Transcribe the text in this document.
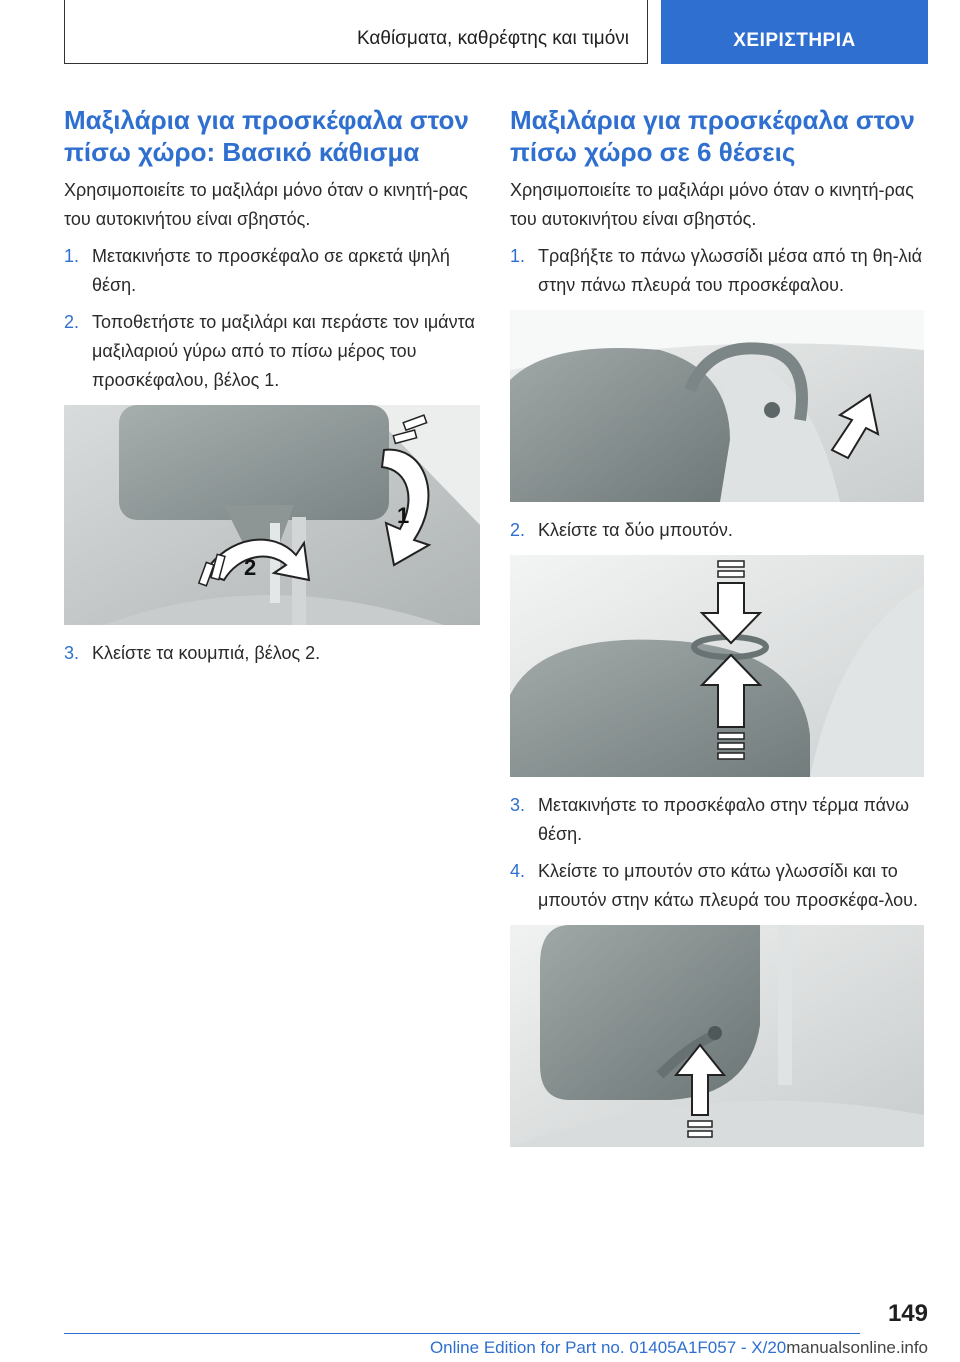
Καθίσματα, καθρέφτης και τιμόνι	ΧΕΙΡΙΣΤΗΡΙΑ
Μαξιλάρια για προσκέφαλα στον πίσω χώρο: Βασικό κάθισμα

Χρησιμοποιείτε το μαξιλάρι μόνο όταν ο κινητή-ρας του αυτοκινήτου είναι σβηστός.

1. Μετακινήστε το προσκέφαλο σε αρκετά ψηλή θέση.
2. Τοποθετήστε το μαξιλάρι και περάστε τον ιμάντα μαξιλαριού γύρω από το πίσω μέρος του προσκέφαλου, βέλος 1.
1
2
3. Κλείστε τα κουμπιά, βέλος 2.
Μαξιλάρια για προσκέφαλα στον πίσω χώρο σε 6 θέσεις

Χρησιμοποιείτε το μαξιλάρι μόνο όταν ο κινητή-ρας του αυτοκινήτου είναι σβηστός.

1. Τραβήξτε το πάνω γλωσσίδι μέσα από τη θη-λιά στην πάνω πλευρά του προσκέφαλου.
2. Κλείστε τα δύο μπουτόν.
3. Μετακινήστε το προσκέφαλο στην τέρμα πάνω θέση.
4. Κλείστε το μπουτόν στο κάτω γλωσσίδι και το μπουτόν στην κάτω πλευρά του προσκέφα-λου.
149
Online Edition for Part no. 01405A1F057 - X/20manualsonline.info
